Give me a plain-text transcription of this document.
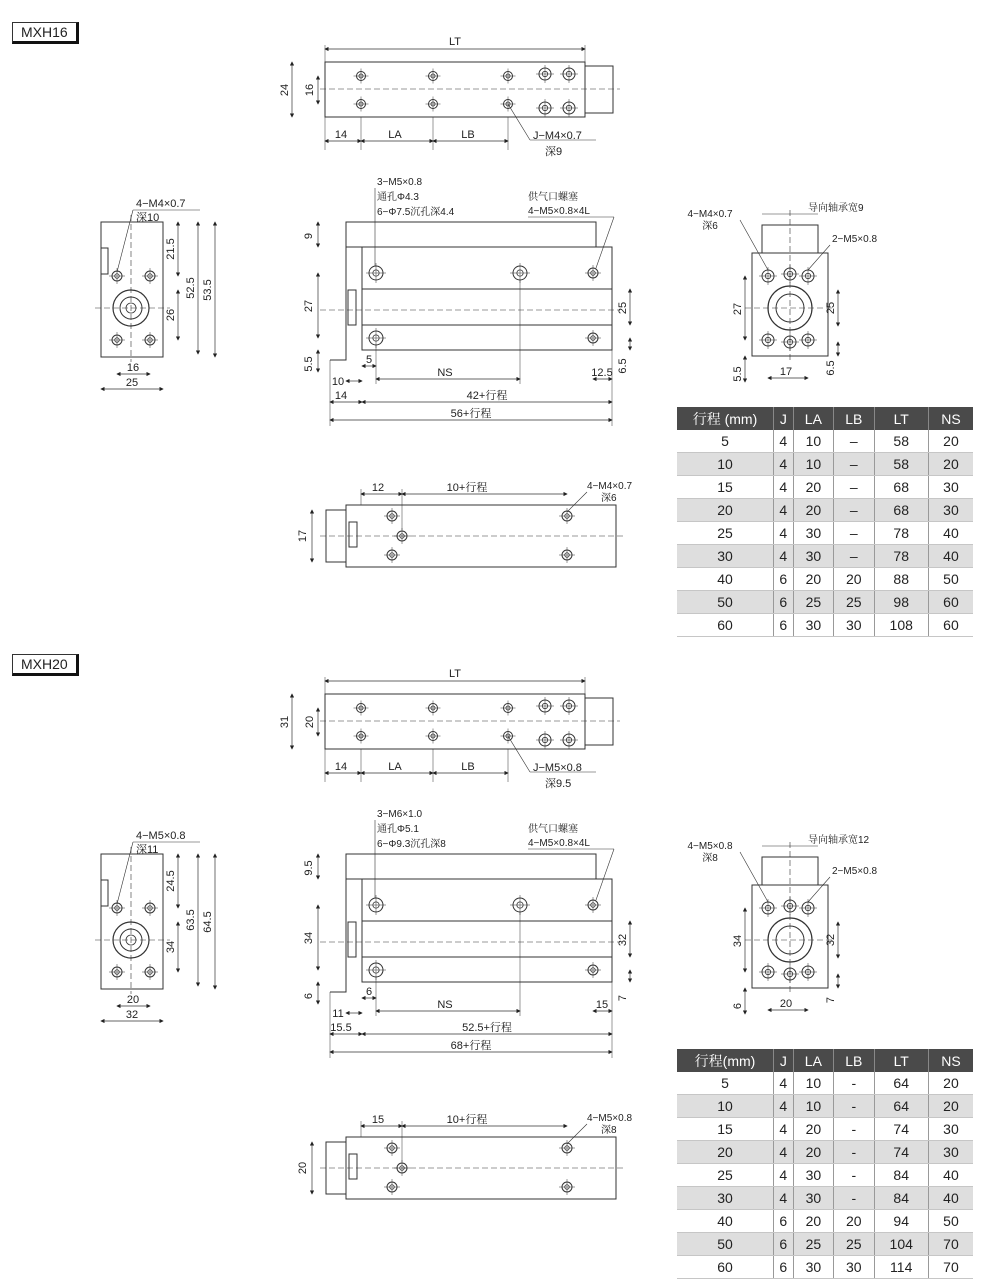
MXH16
MXH20
行程 (mm)	J	LA	LB	LT	NS
5	4	10	–	58	20
10	4	10	–	58	20
15	4	20	–	68	30
20	4	20	–	68	30
25	4	30	–	78	40
30	4	30	–	78	40
40	6	20	20	88	50
50	6	25	25	98	60
60	6	30	30	108	60
行程(mm)	J	LA	LB	LT	NS
5	4	10	-	64	20
10	4	10	-	64	20
15	4	20	-	74	30
20	4	20	-	74	30
25	4	30	-	84	40
30	4	30	-	84	40
40	6	20	20	94	50
50	6	25	25	104	70
60	6	30	30	114	70
LT
24 16
14	LA	LB	J−M4×0.7
深9
4−M4×0.7
深10
21.5
52.5 53.5
26
16
25
3−M5×0.8
通孔Φ4.3
6−Φ7.5沉孔深4.4
供气口螺塞
4−M5×0.8×4L
9
27	25
5.5	6.5
5
10
NS	12.5
14	42+行程
56+行程
4−M4×0.7
深6
导向轴承宽9
2−M5×0.8
27	25
5.5	6.5
17
12	10+行程	4−M4×0.7
深6
17
LT
31 20
14	LA	LB	J−M5×0.8
深9.5
4−M5×0.8
深11
24.5
63.5 64.5
34
20
32
3−M6×1.0
通孔Φ5.1
6−Φ9.3沉孔深8
供气口螺塞
4−M5×0.8×4L
9.5
34	32
6	7
6
11
NS	15
15.5	52.5+行程
68+行程
4−M5×0.8
深8
导向轴承宽12
2−M5×0.8
34	32
6
7
20
15	10+行程	4−M5×0.8
深8
20
